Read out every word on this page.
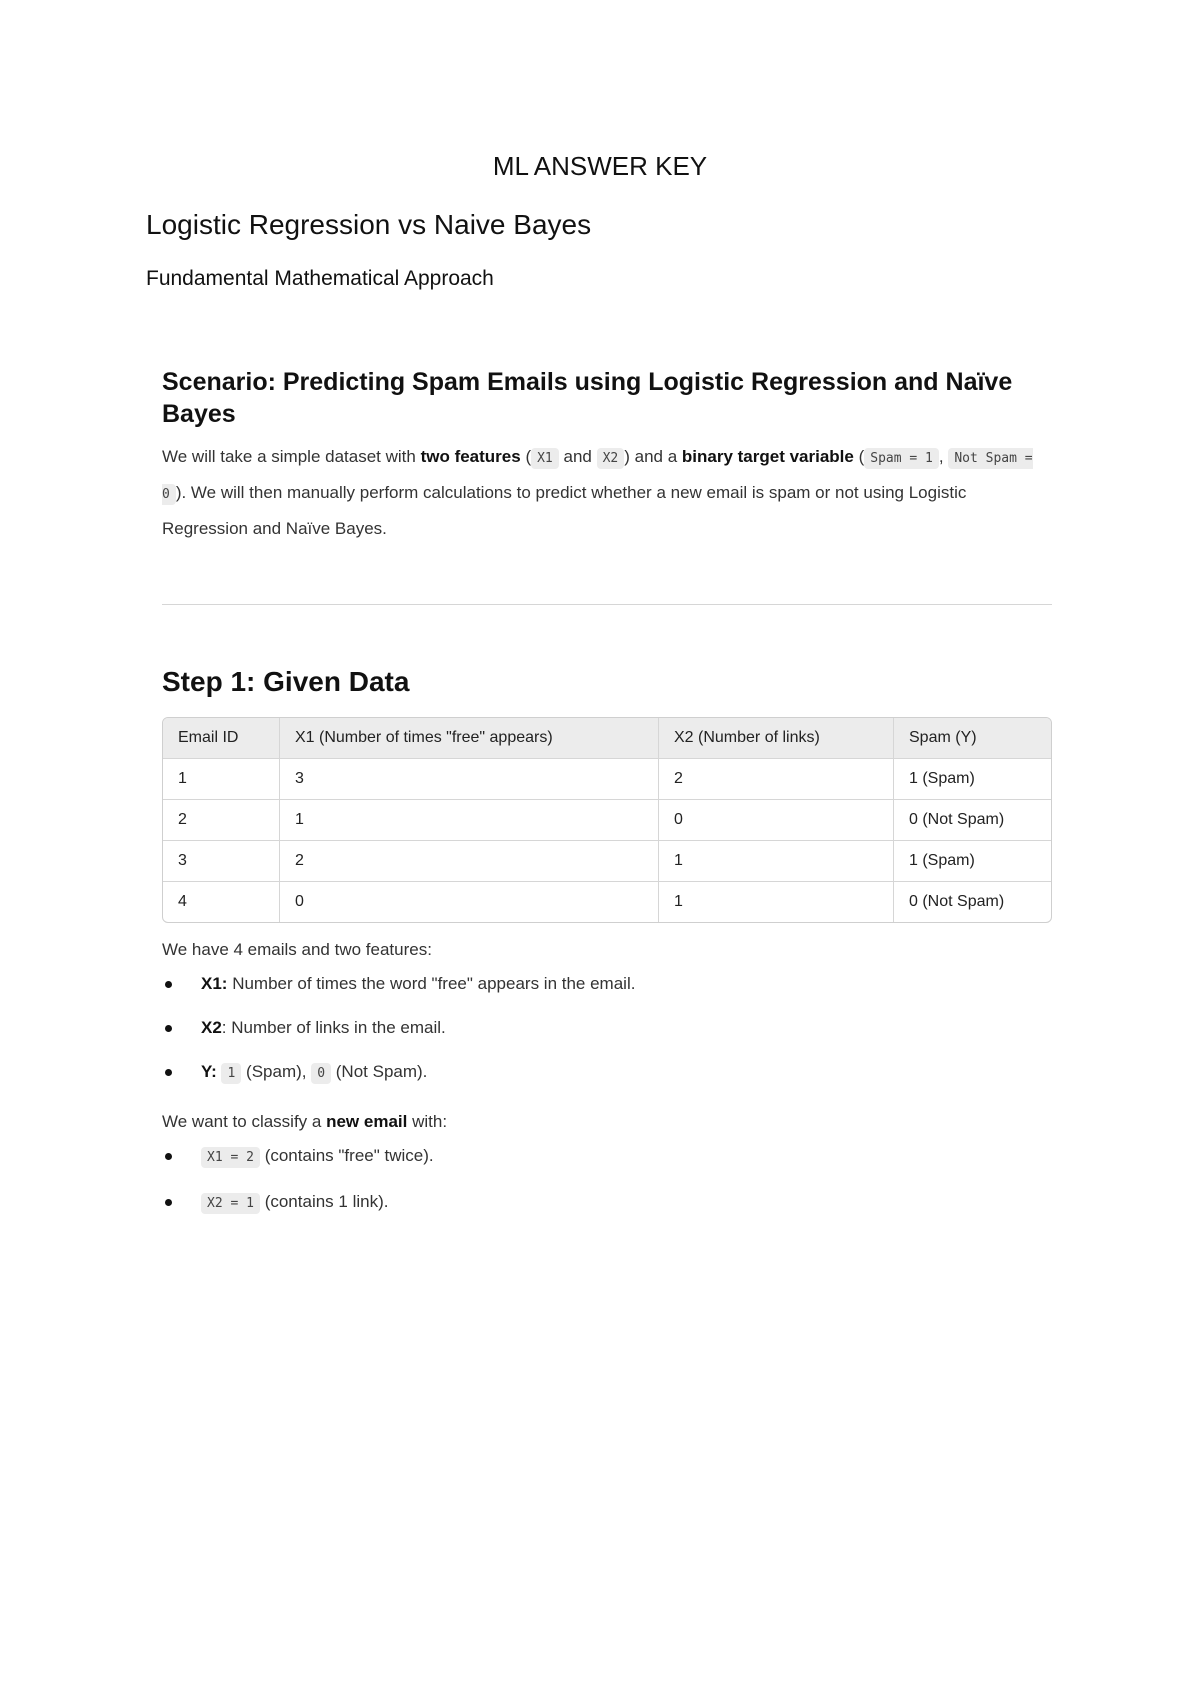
ML ANSWER KEY
Logistic Regression vs Naive Bayes
Fundamental Mathematical Approach
Scenario: Predicting Spam Emails using Logistic Regression and Naïve Bayes

We will take a simple dataset with two features ( X1 and X2 ) and a binary target variable ( Spam = 1 , Not Spam = 0 ). We will then manually perform calculations to predict whether a new email is spam or not using Logistic Regression and Naïve Bayes.

Step 1: Given Data
Email ID	X1 (Number of times "free" appears)	X2 (Number of links)	Spam (Y)
1	3	2	1 (Spam)
2	1	0	0 (Not Spam)
3	2	1	1 (Spam)
4	0	1	0 (Not Spam)

We have 4 emails and two features:

X1: Number of times the word "free" appears in the email.
X2: Number of links in the email.
Y: 1 (Spam), 0 (Not Spam).

We want to classify a new email with:

X1 = 2 (contains "free" twice).
X2 = 1 (contains 1 link).
